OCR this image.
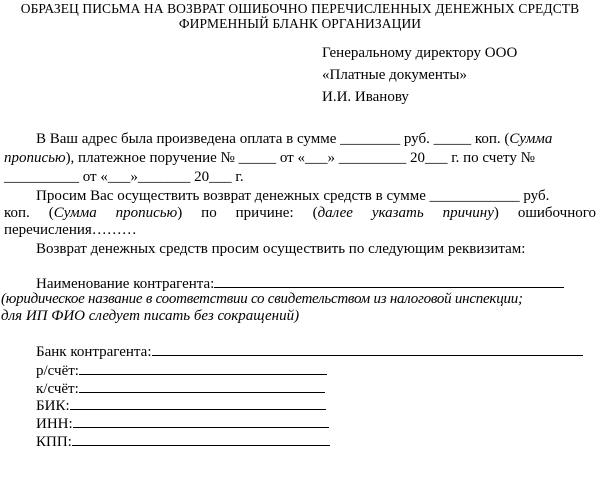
ОБРАЗЕЦ ПИСЬМА НА ВОЗВРАТ ОШИБОЧНО ПЕРЕЧИСЛЕННЫХ ДЕНЕЖНЫХ СРЕДСТВ
ФИРМЕННЫЙ БЛАНК ОРГАНИЗАЦИИ
Генеральному директору ООО
«Платные документы»
И.И. Иванову
В Ваш адрес была произведена оплата в сумме ________ руб. _____ коп. (Сумма
прописью), платежное поручение № _____ от «___» _________ 20___ г. по счету №
__________ от «___»_______ 20___ г.
Просим Вас осуществить возврат денежных средств в сумме ____________ руб.
коп. (Сумма прописью) по причине: (далее указать причину) ошибочного
перечисления………
Возврат денежных средств просим осуществить по следующим реквизитам:
Наименование контрагента:
(юридическое название в соответствии со свидетельством из налоговой инспекции;
для ИП ФИО следует писать без сокращений)
Банк контрагента:
р/счёт:
к/счёт:
БИК:
ИНН:
КПП:
